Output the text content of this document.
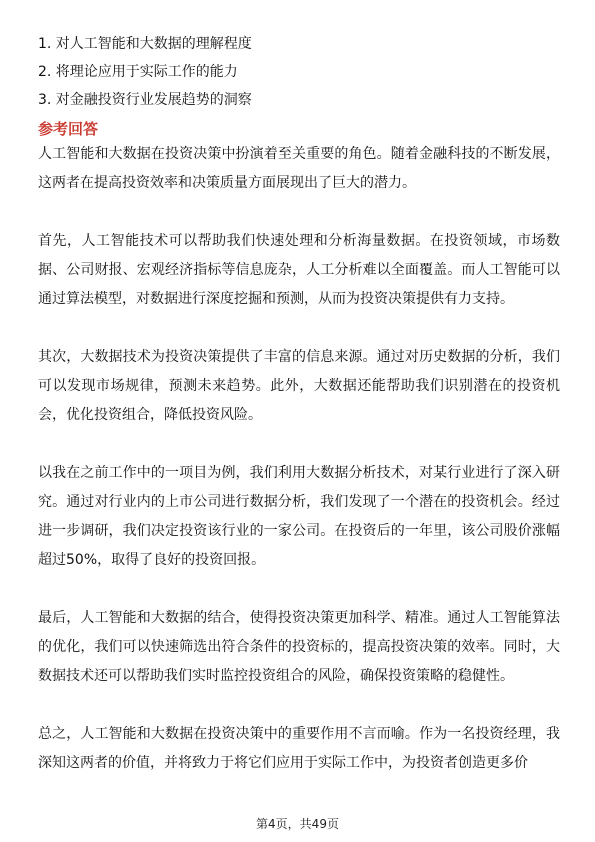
1. 对人工智能和大数据的理解程度
2. 将理论应用于实际工作的能力
3. 对金融投资行业发展趋势的洞察
参考回答

人工智能和大数据在投资决策中扮演着至关重要的角色。随着金融科技的不断发展，这两者在提高投资效率和决策质量方面展现出了巨大的潜力。

首先，人工智能技术可以帮助我们快速处理和分析海量数据。在投资领域，市场数据、公司财报、宏观经济指标等信息庞杂，人工分析难以全面覆盖。而人工智能可以通过算法模型，对数据进行深度挖掘和预测，从而为投资决策提供有力支持。

其次，大数据技术为投资决策提供了丰富的信息来源。通过对历史数据的分析，我们可以发现市场规律，预测未来趋势。此外，大数据还能帮助我们识别潜在的投资机会，优化投资组合，降低投资风险。

以我在之前工作中的一项目为例，我们利用大数据分析技术，对某行业进行了深入研究。通过对行业内的上市公司进行数据分析，我们发现了一个潜在的投资机会。经过进一步调研，我们决定投资该行业的一家公司。在投资后的一年里，该公司股价涨幅超过50%，取得了良好的投资回报。

最后，人工智能和大数据的结合，使得投资决策更加科学、精准。通过人工智能算法的优化，我们可以快速筛选出符合条件的投资标的，提高投资决策的效率。同时，大数据技术还可以帮助我们实时监控投资组合的风险，确保投资策略的稳健性。

总之，人工智能和大数据在投资决策中的重要作用不言而喻。作为一名投资经理，我深知这两者的价值，并将致力于将它们应用于实际工作中，为投资者创造更多价

第4页，共49页
